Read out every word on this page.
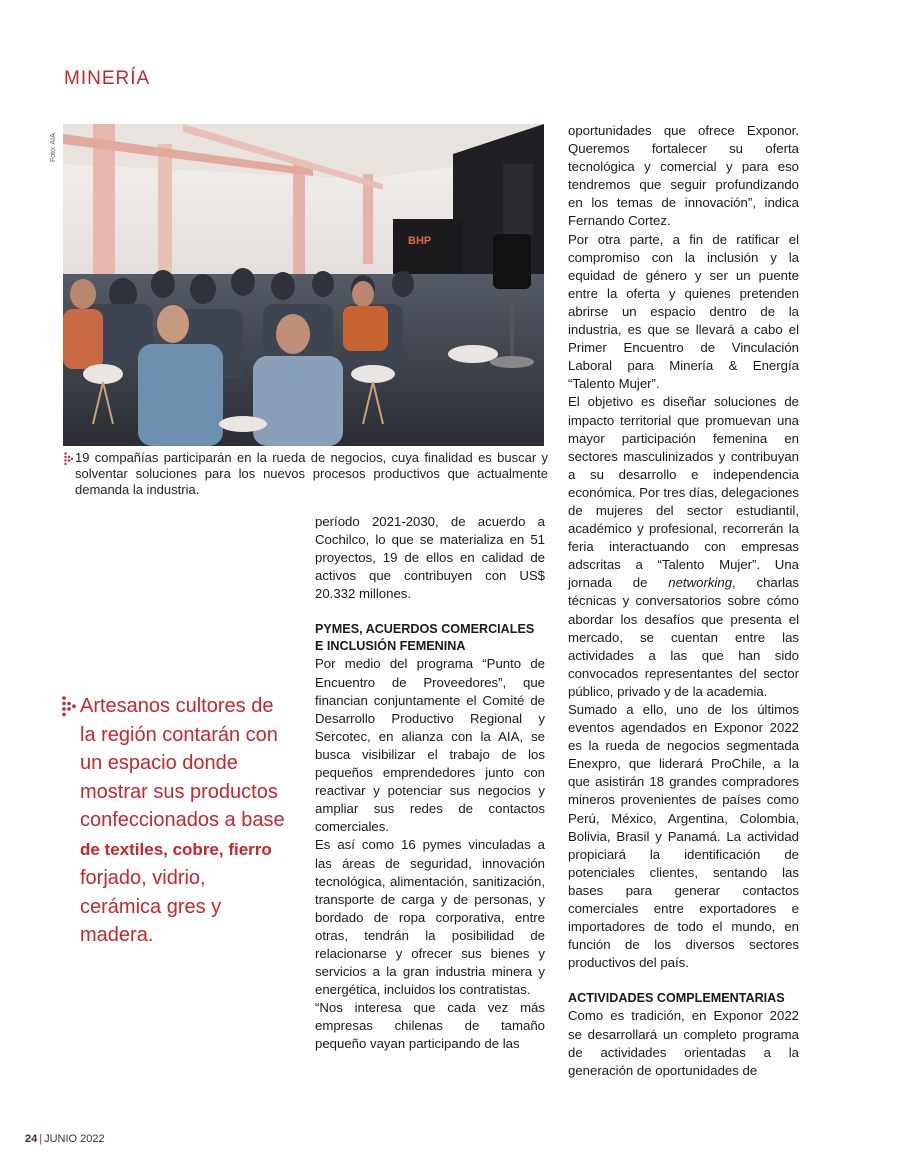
MINERÍA
Foto: AIA
BHP
19 compañías participarán en la rueda de negocios, cuya finalidad es buscar y solventar soluciones para los nuevos procesos productivos que actualmente demanda la industria.
Artesanos cultores de la región contarán con un espacio donde mostrar sus productos confeccionados a base de textiles, cobre, fierro forjado, vidrio, cerámica gres y madera.

período 2021-2030, de acuerdo a Cochilco, lo que se materializa en 51 proyectos, 19 de ellos en calidad de activos que contribuyen con US$ 20.332 millones.

PYMES, ACUERDOS COMERCIALES E INCLUSIÓN FEMENINA

Por medio del programa “Punto de Encuentro de Proveedores”, que financian conjuntamente el Comité de Desarrollo Productivo Regional y Sercotec, en alianza con la AIA, se busca visibilizar el trabajo de los pequeños emprendedores junto con reactivar y potenciar sus negocios y ampliar sus redes de contactos comerciales.

Es así como 16 pymes vinculadas a las áreas de seguridad, innovación tecnológica, alimentación, sanitización, transporte de carga y de personas, y bordado de ropa corporativa, entre otras, tendrán la posibilidad de relacionarse y ofrecer sus bienes y servicios a la gran industria minera y energética, incluidos los contratistas.

“Nos interesa que cada vez más empresas chilenas de tamaño pequeño vayan participando de las

oportunidades que ofrece Exponor. Queremos fortalecer su oferta tecnológica y comercial y para eso tendremos que seguir profundizando en los temas de innovación”, indica Fernando Cortez.

Por otra parte, a fin de ratificar el compromiso con la inclusión y la equidad de género y ser un puente entre la oferta y quienes pretenden abrirse un espacio dentro de la industria, es que se llevará a cabo el Primer Encuentro de Vinculación Laboral para Minería & Energía “Talento Mujer”.

El objetivo es diseñar soluciones de impacto territorial que promuevan una mayor participación femenina en sectores masculinizados y contribuyan a su desarrollo e independencia económica. Por tres días, delegaciones de mujeres del sector estudiantil, académico y profesional, recorrerán la feria interactuando con empresas adscritas a “Talento Mujer”. Una jornada de networking, charlas técnicas y conversatorios sobre cómo abordar los desafíos que presenta el mercado, se cuentan entre las actividades a las que han sido convocados representantes del sector público, privado y de la academia.

Sumado a ello, uno de los últimos eventos agendados en Exponor 2022 es la rueda de negocios segmentada Enexpro, que liderará ProChile, a la que asistirán 18 grandes compradores mineros provenientes de países como Perú, México, Argentina, Colombia, Bolivia, Brasil y Panamá. La actividad propiciará la identificación de potenciales clientes, sentando las bases para generar contactos comerciales entre exportadores e importadores de todo el mundo, en función de los diversos sectores productivos del país.

ACTIVIDADES COMPLEMENTARIAS

Como es tradición, en Exponor 2022 se desarrollará un completo programa de actividades orientadas a la generación de oportunidades de

24 | JUNIO 2022
